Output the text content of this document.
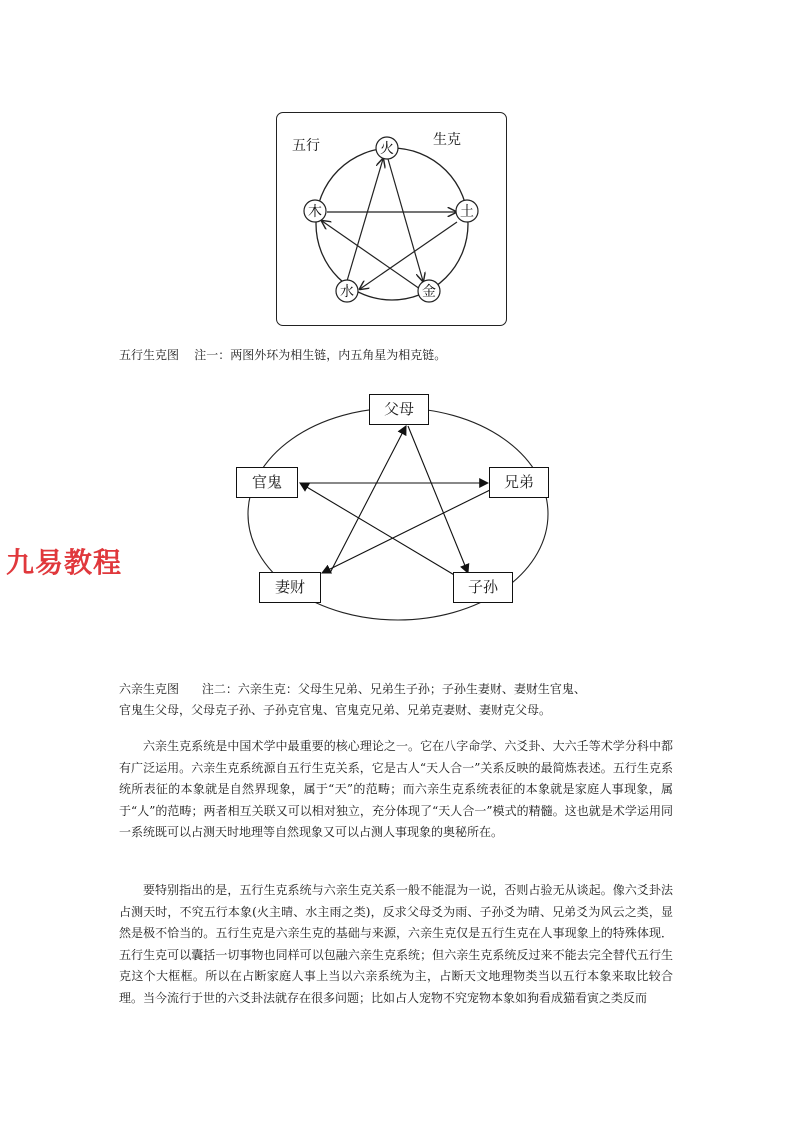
五行	生克
火
土
金
水
木
五行生克图    注一：两图外环为相生链，内五角星为相克链。
父母
兄弟
子孙
妻财
官鬼
九易教程
六亲生克图      注二：六亲生克：父母生兄弟、兄弟生子孙；子孙生妻财、妻财生官鬼、
官鬼生父母，父母克子孙、子孙克官鬼、官鬼克兄弟、兄弟克妻财、妻财克父母。

六亲生克系统是中国术学中最重要的核心理论之一。它在八字命学、六爻卦、大六壬等术学分科中都有广泛运用。六亲生克系统源自五行生克关系，它是古人“天人合一”关系反映的最简炼表述。五行生克系统所表征的本象就是自然界现象，属于“天”的范畴；而六亲生克系统表征的本象就是家庭人事现象，属于“人”的范畴；两者相互关联又可以相对独立，充分体现了“天人合一”模式的精髓。这也就是术学运用同一系统既可以占测天时地理等自然现象又可以占测人事现象的奥秘所在。

要特别指出的是，五行生克系统与六亲生克关系一般不能混为一说，否则占验无从谈起。像六爻卦法占测天时，不究五行本象(火主晴、水主雨之类)，反求父母爻为雨、子孙爻为晴、兄弟爻为风云之类，显然是极不恰当的。五行生克是六亲生克的基础与来源，六亲生克仅是五行生克在人事现象上的特殊体现．五行生克可以囊括一切事物也同样可以包融六亲生克系统；但六亲生克系统反过来不能去完全替代五行生克这个大框框。所以在占断家庭人事上当以六亲系统为主，占断天文地理物类当以五行本象来取比较合理。当今流行于世的六爻卦法就存在很多问题；比如占人宠物不究宠物本象如狗看成猫看寅之类反而
